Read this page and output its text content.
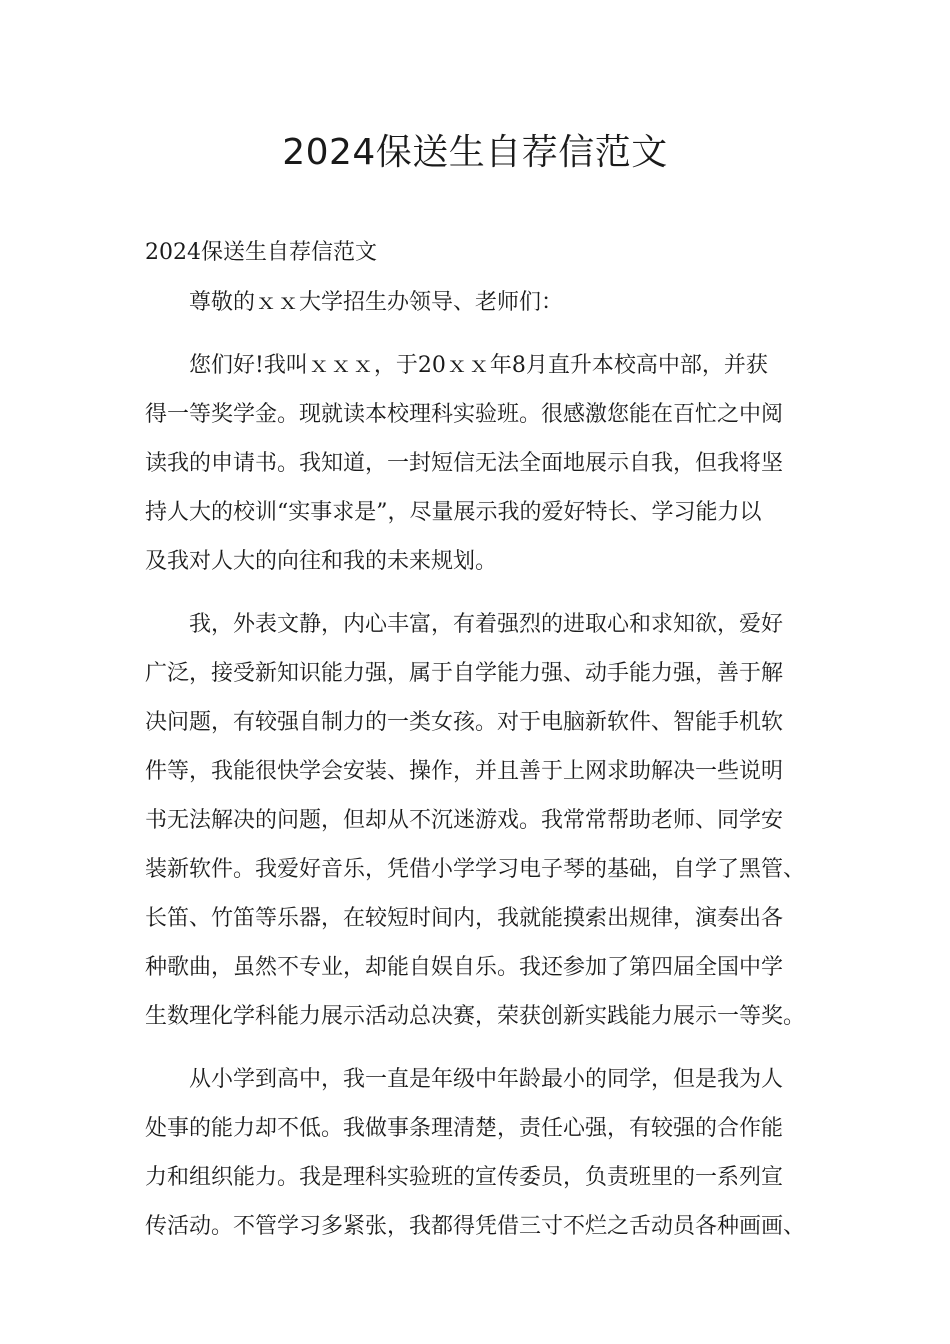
2024保送生自荐信范文

2024保送生自荐信范文

尊敬的ｘｘ大学招生办领导、老师们：

您们好!我叫ｘｘｘ，于20ｘｘ年8月直升本校高中部，并获
得一等奖学金。现就读本校理科实验班。很感激您能在百忙之中阅
读我的申请书。我知道，一封短信无法全面地展示自我，但我将坚
持人大的校训“实事求是”，尽量展示我的爱好特长、学习能力以
及我对人大的向往和我的未来规划。

我，外表文静，内心丰富，有着强烈的进取心和求知欲，爱好
广泛，接受新知识能力强，属于自学能力强、动手能力强，善于解
决问题，有较强自制力的一类女孩。对于电脑新软件、智能手机软
件等，我能很快学会安装、操作，并且善于上网求助解决一些说明
书无法解决的问题，但却从不沉迷游戏。我常常帮助老师、同学安
装新软件。我爱好音乐，凭借小学学习电子琴的基础，自学了黑管、
长笛、竹笛等乐器，在较短时间内，我就能摸索出规律，演奏出各
种歌曲，虽然不专业，却能自娱自乐。我还参加了第四届全国中学
生数理化学科能力展示活动总决赛，荣获创新实践能力展示一等奖。

从小学到高中，我一直是年级中年龄最小的同学，但是我为人
处事的能力却不低。我做事条理清楚，责任心强，有较强的合作能
力和组织能力。我是理科实验班的宣传委员，负责班里的一系列宣
传活动。不管学习多紧张，我都得凭借三寸不烂之舌动员各种画画、
